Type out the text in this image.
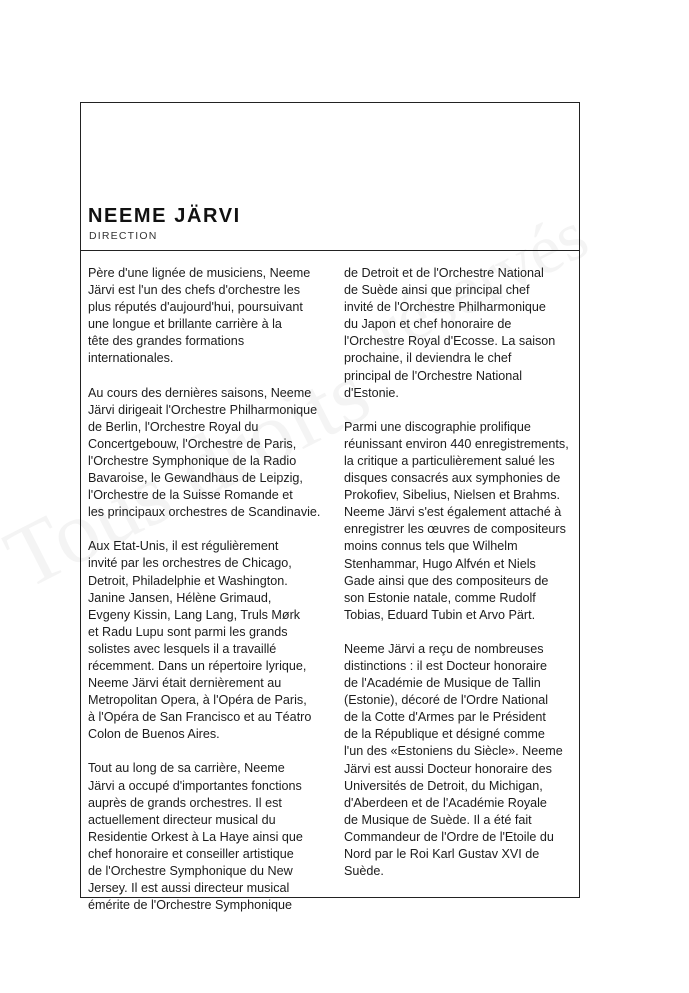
NEEME JÄRVI
DIRECTION

Père d'une lignée de musiciens, Neeme
Järvi est l'un des chefs d'orchestre les
plus réputés d'aujourd'hui, poursuivant
une longue et brillante carrière à la
tête des grandes formations internationales.

Au cours des dernières saisons, Neeme
Järvi dirigeait l'Orchestre Philharmonique
de Berlin, l'Orchestre Royal du
Concertgebouw, l'Orchestre de Paris,
l'Orchestre Symphonique de la Radio
Bavaroise, le Gewandhaus de Leipzig,
l'Orchestre de la Suisse Romande et
les principaux orchestres de Scandinavie.

Aux Etat-Unis, il est régulièrement
invité par les orchestres de Chicago,
Detroit, Philadelphie et Washington.
Janine Jansen, Hélène Grimaud,
Evgeny Kissin, Lang Lang, Truls Mørk
et Radu Lupu sont parmi les grands
solistes avec lesquels il a travaillé
récemment. Dans un répertoire lyrique,
Neeme Järvi était dernièrement au
Metropolitan Opera, à l'Opéra de Paris,
à l'Opéra de San Francisco et au Téatro
Colon de Buenos Aires.

Tout au long de sa carrière, Neeme
Järvi a occupé d'importantes fonctions
auprès de grands orchestres. Il est
actuellement directeur musical du
Residentie Orkest à La Haye ainsi que
chef honoraire et conseiller artistique
de l'Orchestre Symphonique du New
Jersey. Il est aussi directeur musical
émérite de l'Orchestre Symphonique

de Detroit et de l'Orchestre National
de Suède ainsi que principal chef
invité de l'Orchestre Philharmonique
du Japon et chef honoraire de
l'Orchestre Royal d'Ecosse. La saison
prochaine, il deviendra le chef
principal de l'Orchestre National
d'Estonie.

Parmi une discographie prolifique
réunissant environ 440 enregistrements,
la critique a particulièrement salué les
disques consacrés aux symphonies de
Prokofiev, Sibelius, Nielsen et Brahms.
Neeme Järvi s'est également attaché à
enregistrer les œuvres de compositeurs
moins connus tels que Wilhelm
Stenhammar, Hugo Alfvén et Niels
Gade ainsi que des compositeurs de
son Estonie natale, comme Rudolf
Tobias, Eduard Tubin et Arvo Pärt.

Neeme Järvi a reçu de nombreuses
distinctions : il est Docteur honoraire
de l'Académie de Musique de Tallin
(Estonie), décoré de l'Ordre National
de la Cotte d'Armes par le Président
de la République et désigné comme
l'un des «Estoniens du Siècle». Neeme
Järvi est aussi Docteur honoraire des
Universités de Detroit, du Michigan,
d'Aberdeen et de l'Académie Royale
de Musique de Suède. Il a été fait
Commandeur de l'Ordre de l'Etoile du
Nord par le Roi Karl Gustav XVI de
Suède.
